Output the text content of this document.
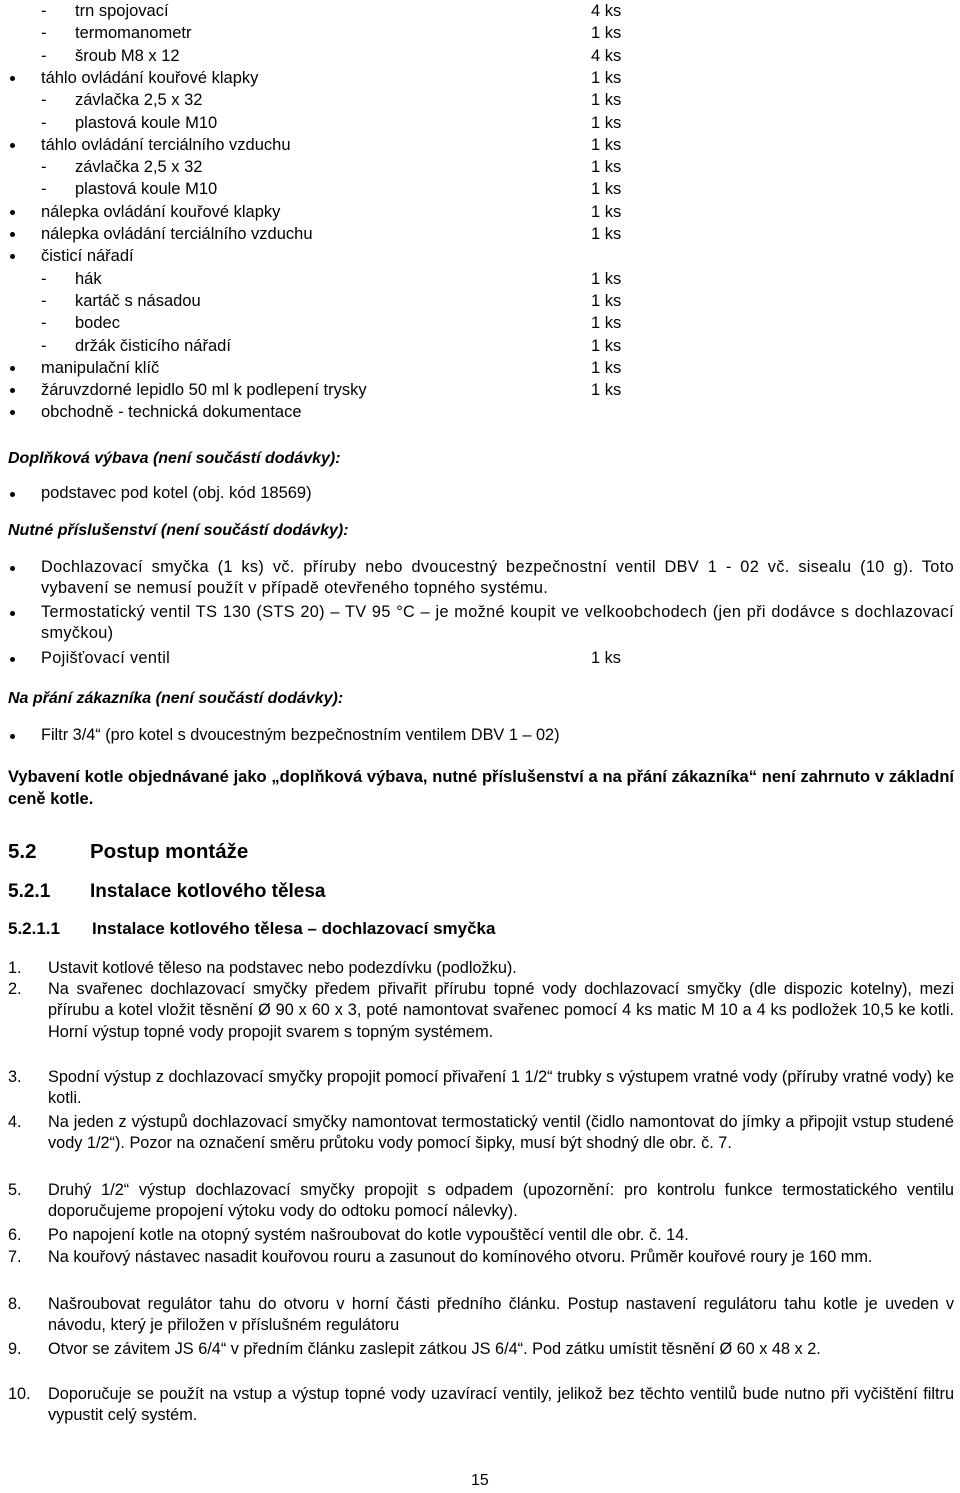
- trn spojovací	4 ks
- termomanometr	1 ks
- šroub M8 x 12	4 ks
táhlo ovládání kouřové klapky	1 ks
- závlačka 2,5 x 32	1 ks
- plastová koule M10	1 ks
táhlo ovládání terciálního vzduchu	1 ks
- závlačka 2,5 x 32	1 ks
- plastová koule M10	1 ks
nálepka ovládání kouřové klapky	1 ks
nálepka ovládání terciálního vzduchu	1 ks
čisticí nářadí
- hák	1 ks
- kartáč s násadou	1 ks
- bodec	1 ks
- držák čisticího nářadí	1 ks
manipulační klíč	1 ks
žáruvzdorné lepidlo 50 ml k podlepení trysky	1 ks
obchodně - technická dokumentace
Doplňková výbava (není součástí dodávky):
podstavec pod kotel (obj. kód 18569)
Nutné příslušenství (není součástí dodávky):
Dochlazovací smyčka (1 ks) vč. příruby nebo dvoucestný bezpečnostní ventil DBV 1 - 02 vč. sisealu (10 g). Toto vybavení se nemusí použít v případě otevřeného topného systému.
Termostatický ventil TS 130 (STS 20) – TV 95 °C – je možné koupit ve velkoobchodech (jen při dodávce s dochlazovací smyčkou)
Pojišťovací ventil	1 ks
Na přání zákazníka (není součástí dodávky):
Filtr 3/4“ (pro kotel s dvoucestným bezpečnostním ventilem DBV 1 – 02)
Vybavení kotle objednávané jako „doplňková výbava, nutné příslušenství a na přání zákazníka“ není zahrnuto v základní ceně kotle.
5.2	Postup montáže
5.2.1 Instalace kotlového tělesa
5.2.1.1 Instalace kotlového tělesa – dochlazovací smyčka
1. Ustavit kotlové těleso na podstavec nebo podezdívku (podložku).
2. Na svařenec dochlazovací smyčky předem přivařit přírubu topné vody dochlazovací smyčky (dle dispozic kotelny), mezi přírubu a kotel vložit těsnění Ø 90 x 60 x 3, poté namontovat svařenec pomocí 4 ks matic M 10 a 4 ks podložek 10,5 ke kotli. Horní výstup topné vody propojit svarem s topným systémem.
3. Spodní výstup z dochlazovací smyčky propojit pomocí přivaření 1 1/2“ trubky s výstupem vratné vody (příruby vratné vody) ke kotli.
4. Na jeden z výstupů dochlazovací smyčky namontovat termostatický ventil (čidlo namontovat do jímky a připojit vstup studené vody 1/2“). Pozor na označení směru průtoku vody pomocí šipky, musí být shodný dle obr. č. 7.
5. Druhý 1/2“ výstup dochlazovací smyčky propojit s odpadem (upozornění: pro kontrolu funkce termostatického ventilu doporučujeme propojení výtoku vody do odtoku pomocí nálevky).
6. Po napojení kotle na otopný systém našroubovat do kotle vypouštěcí ventil dle obr. č. 14.
7. Na kouřový nástavec nasadit kouřovou rouru a zasunout do komínového otvoru. Průměr kouřové roury je 160 mm.
8. Našroubovat regulátor tahu do otvoru v horní části předního článku. Postup nastavení regulátoru tahu kotle je uveden v návodu, který je přiložen v příslušném regulátoru
9. Otvor se závitem JS 6/4“ v předním článku zaslepit zátkou JS 6/4“. Pod zátku umístit těsnění Ø 60 x 48 x 2.
10. Doporučuje se použít na vstup a výstup topné vody uzavírací ventily, jelikož bez těchto ventilů bude nutno při vyčištění filtru vypustit celý systém.
15
